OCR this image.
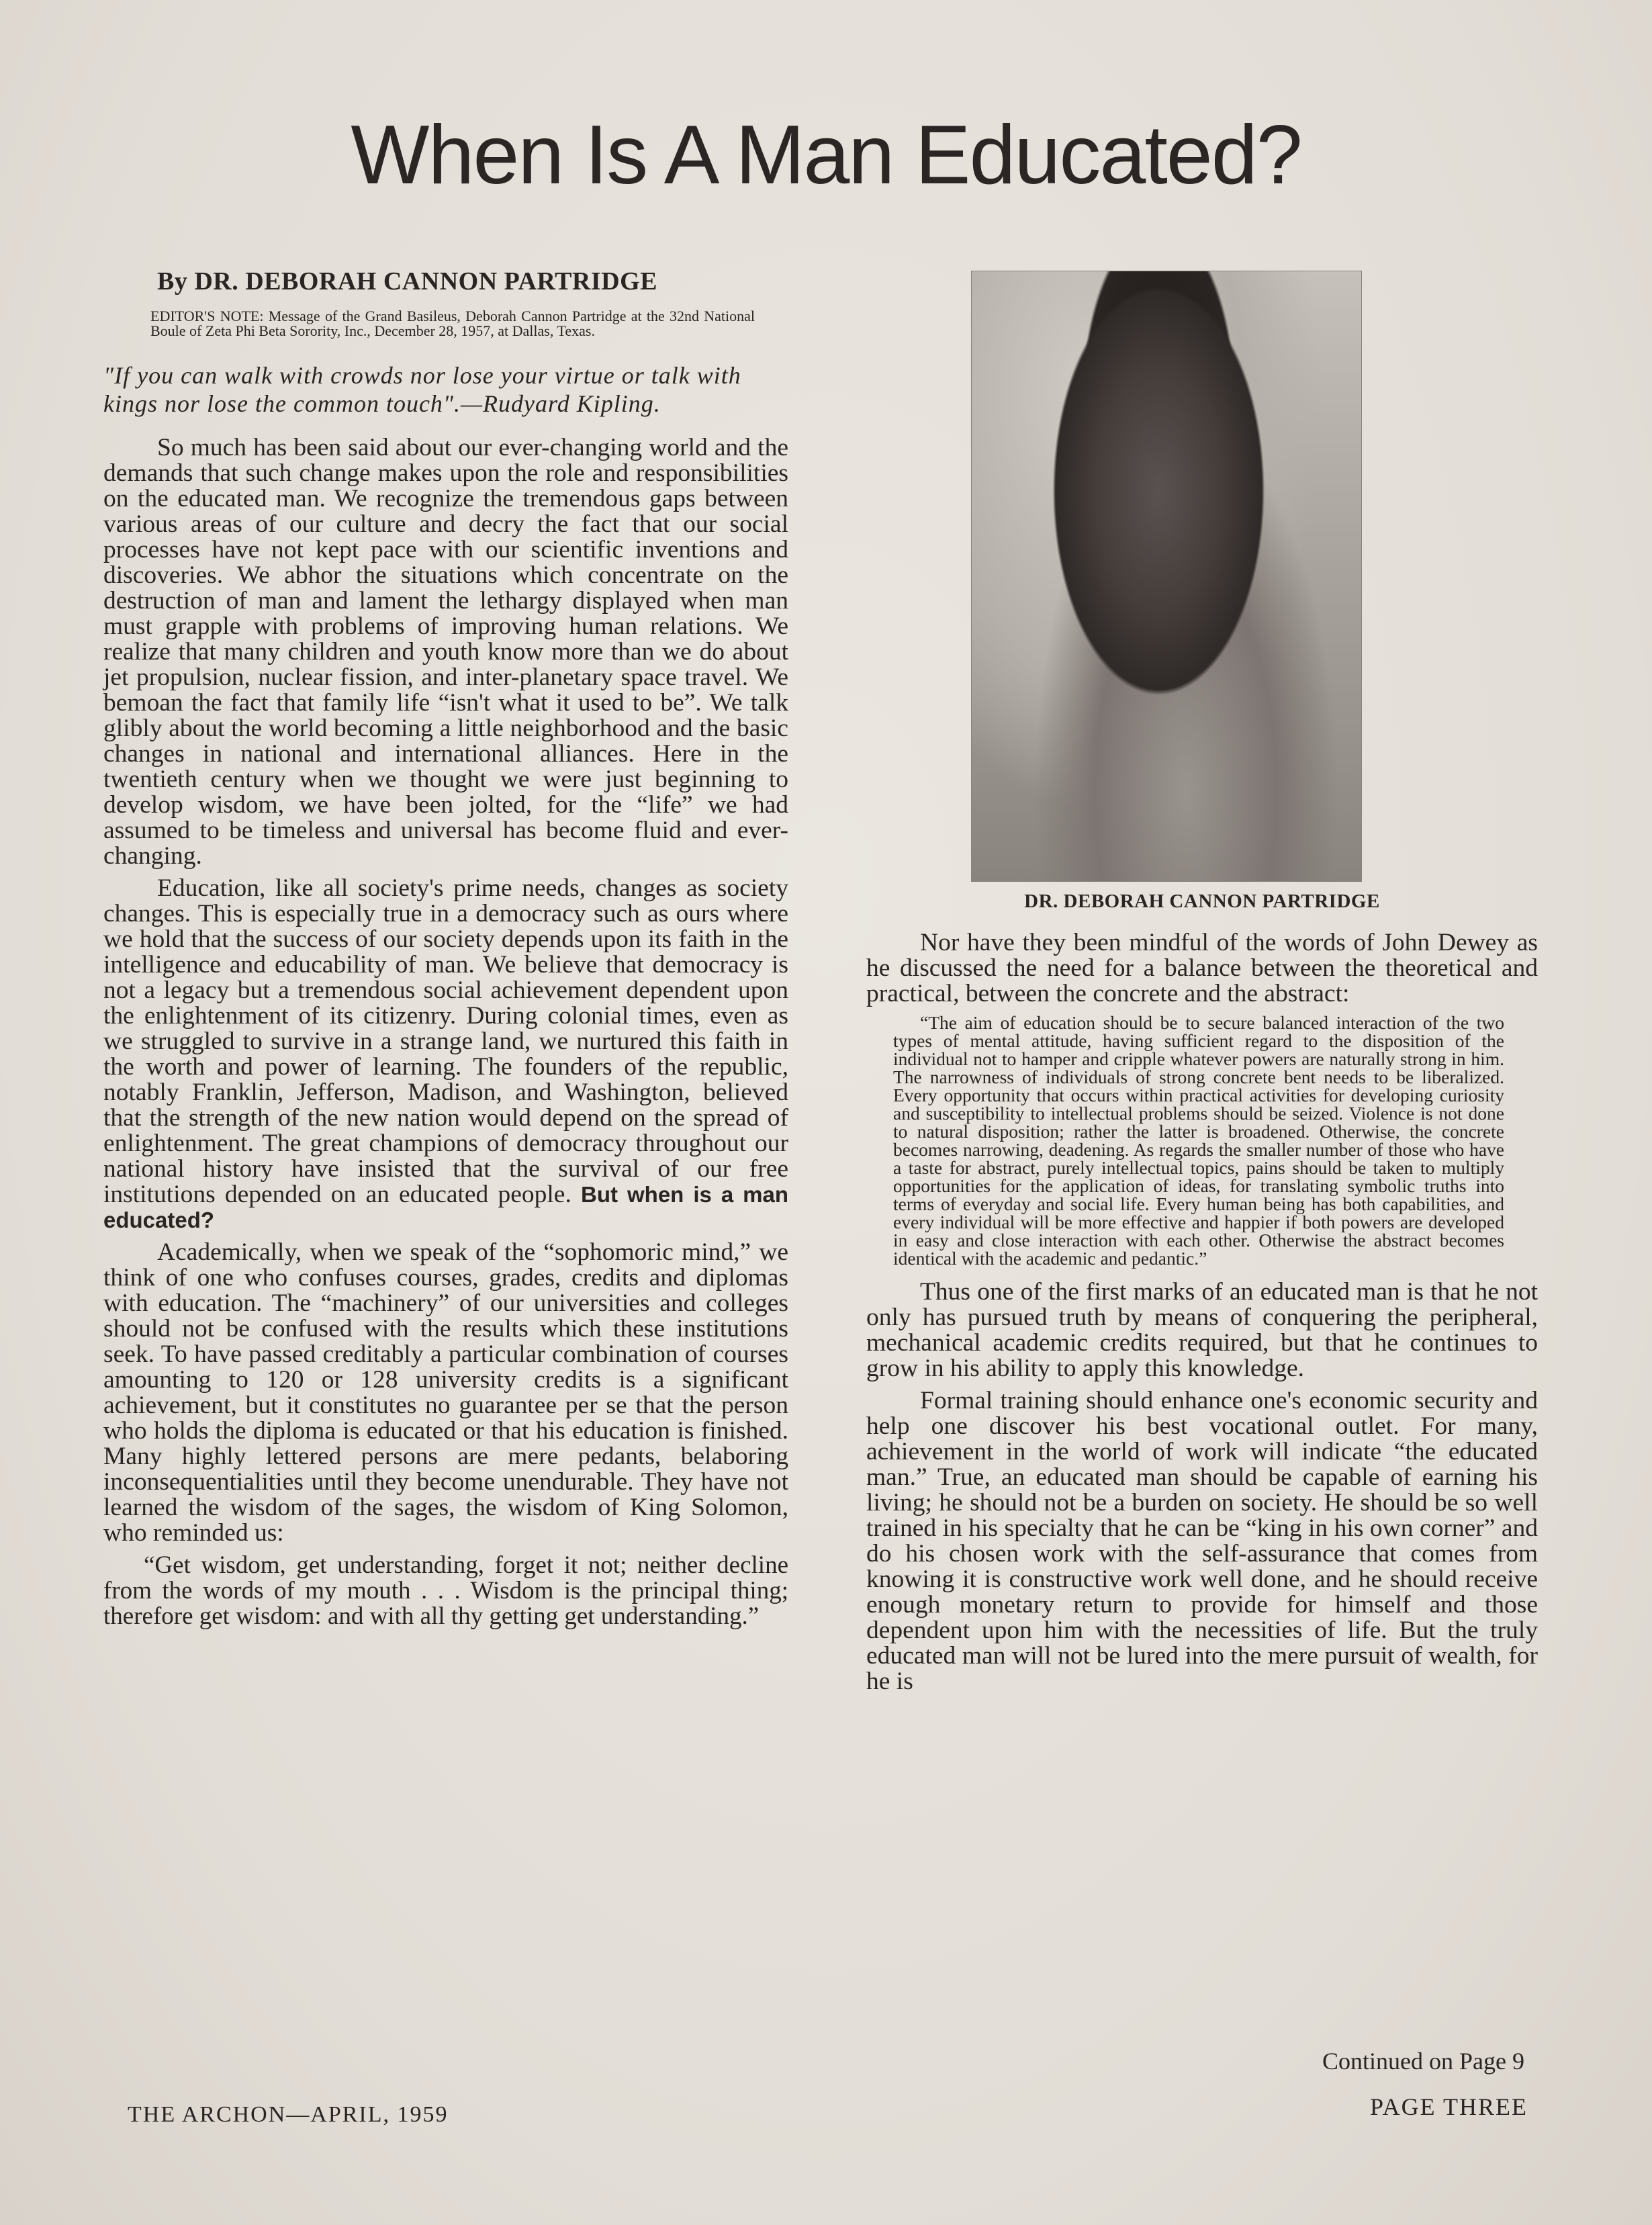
When Is A Man Educated?
By DR. DEBORAH CANNON PARTRIDGE
EDITOR'S NOTE: Message of the Grand Basileus, Deborah Cannon Partridge at the 32nd National Boule of Zeta Phi Beta Sorority, Inc., December 28, 1957, at Dallas, Texas.
"If you can walk with crowds nor lose your virtue or talk with kings nor lose the common touch".—Rudyard Kipling.

So much has been said about our ever-changing world and the demands that such change makes upon the role and responsibilities on the educated man. We recognize the tremendous gaps between various areas of our culture and decry the fact that our social processes have not kept pace with our scientific inventions and discoveries. We abhor the situations which concentrate on the destruction of man and lament the lethargy displayed when man must grapple with problems of improving human relations. We realize that many children and youth know more than we do about jet propulsion, nuclear fission, and inter-planetary space travel. We bemoan the fact that family life “isn't what it used to be”. We talk glibly about the world becoming a little neighborhood and the basic changes in national and international alliances. Here in the twentieth century when we thought we were just beginning to develop wisdom, we have been jolted, for the “life” we had assumed to be timeless and universal has become fluid and ever-changing.

Education, like all society's prime needs, changes as society changes. This is especially true in a democracy such as ours where we hold that the success of our society depends upon its faith in the intelligence and educability of man. We believe that democracy is not a legacy but a tremendous social achievement dependent upon the enlightenment of its citizenry. During colonial times, even as we struggled to survive in a strange land, we nurtured this faith in the worth and power of learning. The founders of the republic, notably Franklin, Jefferson, Madison, and Washington, believed that the strength of the new nation would depend on the spread of enlightenment. The great champions of democracy throughout our national history have insisted that the survival of our free institutions depended on an educated people. But when is a man educated?

Academically, when we speak of the “sophomoric mind,” we think of one who confuses courses, grades, credits and diplomas with education. The “machinery” of our universities and colleges should not be confused with the results which these institutions seek. To have passed creditably a particular combination of courses amounting to 120 or 128 university credits is a significant achievement, but it constitutes no guarantee per se that the person who holds the diploma is educated or that his education is finished. Many highly lettered persons are mere pedants, belaboring inconsequentialities until they become unendurable. They have not learned the wisdom of the sages, the wisdom of King Solomon, who reminded us:

“Get wisdom, get understanding, forget it not; neither decline from the words of my mouth . . . Wisdom is the principal thing; therefore get wisdom: and with all thy getting get understanding.”

DR. DEBORAH CANNON PARTRIDGE

Nor have they been mindful of the words of John Dewey as he discussed the need for a balance between the theoretical and practical, between the concrete and the abstract:

“The aim of education should be to secure balanced interaction of the two types of mental attitude, having sufficient regard to the disposition of the individual not to hamper and cripple whatever powers are naturally strong in him. The narrowness of individuals of strong concrete bent needs to be liberalized. Every opportunity that occurs within practical activities for developing curiosity and susceptibility to intellectual problems should be seized. Violence is not done to natural disposition; rather the latter is broadened. Otherwise, the concrete becomes narrowing, deadening. As regards the smaller number of those who have a taste for abstract, purely intellectual topics, pains should be taken to multiply opportunities for the application of ideas, for translating symbolic truths into terms of everyday and social life. Every human being has both capabilities, and every individual will be more effective and happier if both powers are developed in easy and close interaction with each other. Otherwise the abstract becomes identical with the academic and pedantic.”

Thus one of the first marks of an educated man is that he not only has pursued truth by means of conquering the peripheral, mechanical academic credits required, but that he continues to grow in his ability to apply this knowledge.

Formal training should enhance one's economic security and help one discover his best vocational outlet. For many, achievement in the world of work will indicate “the educated man.” True, an educated man should be capable of earning his living; he should not be a burden on society. He should be so well trained in his specialty that he can be “king in his own corner” and do his chosen work with the self-assurance that comes from knowing it is constructive work well done, and he should receive enough monetary return to provide for himself and those dependent upon him with the necessities of life. But the truly educated man will not be lured into the mere pursuit of wealth, for he is

Continued on Page 9
THE ARCHON—APRIL, 1959	PAGE THREE
